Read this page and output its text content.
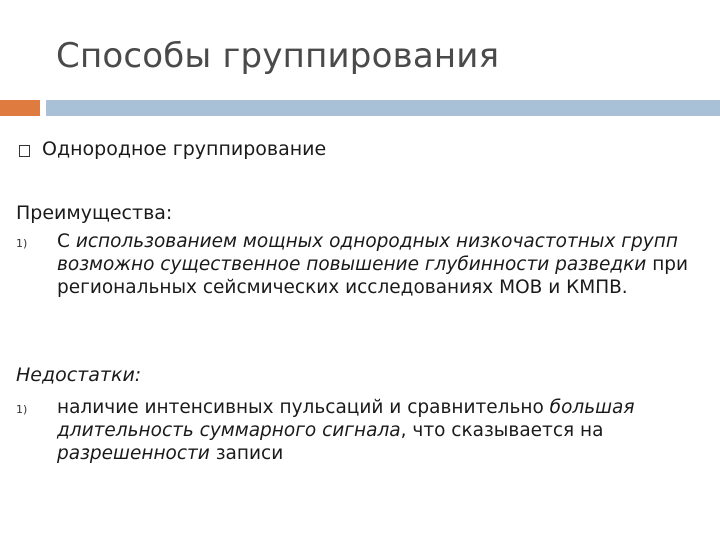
Способы группирования
Однородное группирование
Преимущества:
1) С использованием мощных однородных низкочастотных групп возможно существенное повышение глубинности разведки при региональных сейсмических исследованиях МОВ и КМПВ.
Недостатки:
1) наличие интенсивных пульсаций и сравнительно большая длительность суммарного сигнала, что сказывается на разрешенности записи
